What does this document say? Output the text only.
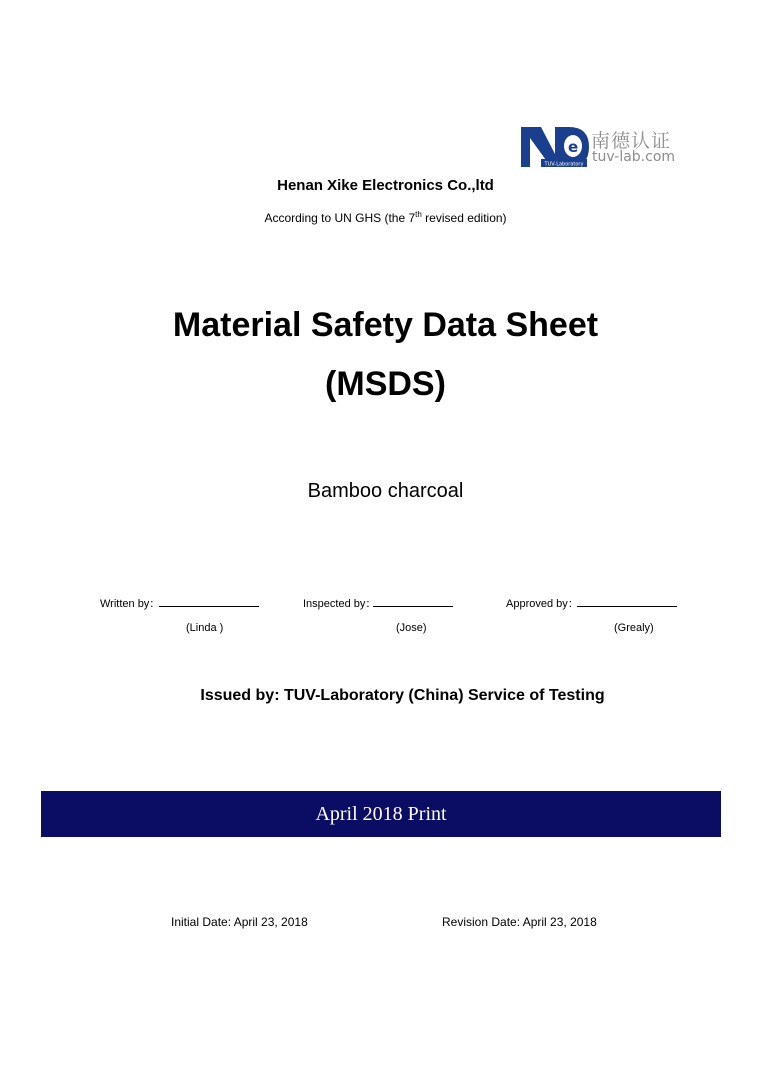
e
TUV-Laboratory
南德认证
tuv-lab.com
Henan Xike Electronics Co.,ltd
According to UN GHS (the 7th revised edition)
Material Safety Data Sheet
(MSDS)
Bamboo charcoal
Written by：
(Linda )
Inspected by：
(Jose)
Approved by：
(Grealy)
Issued by: TUV-Laboratory (China) Service of Testing
April 2018 Print
Initial Date: April 23, 2018	Revision Date: April 23, 2018
